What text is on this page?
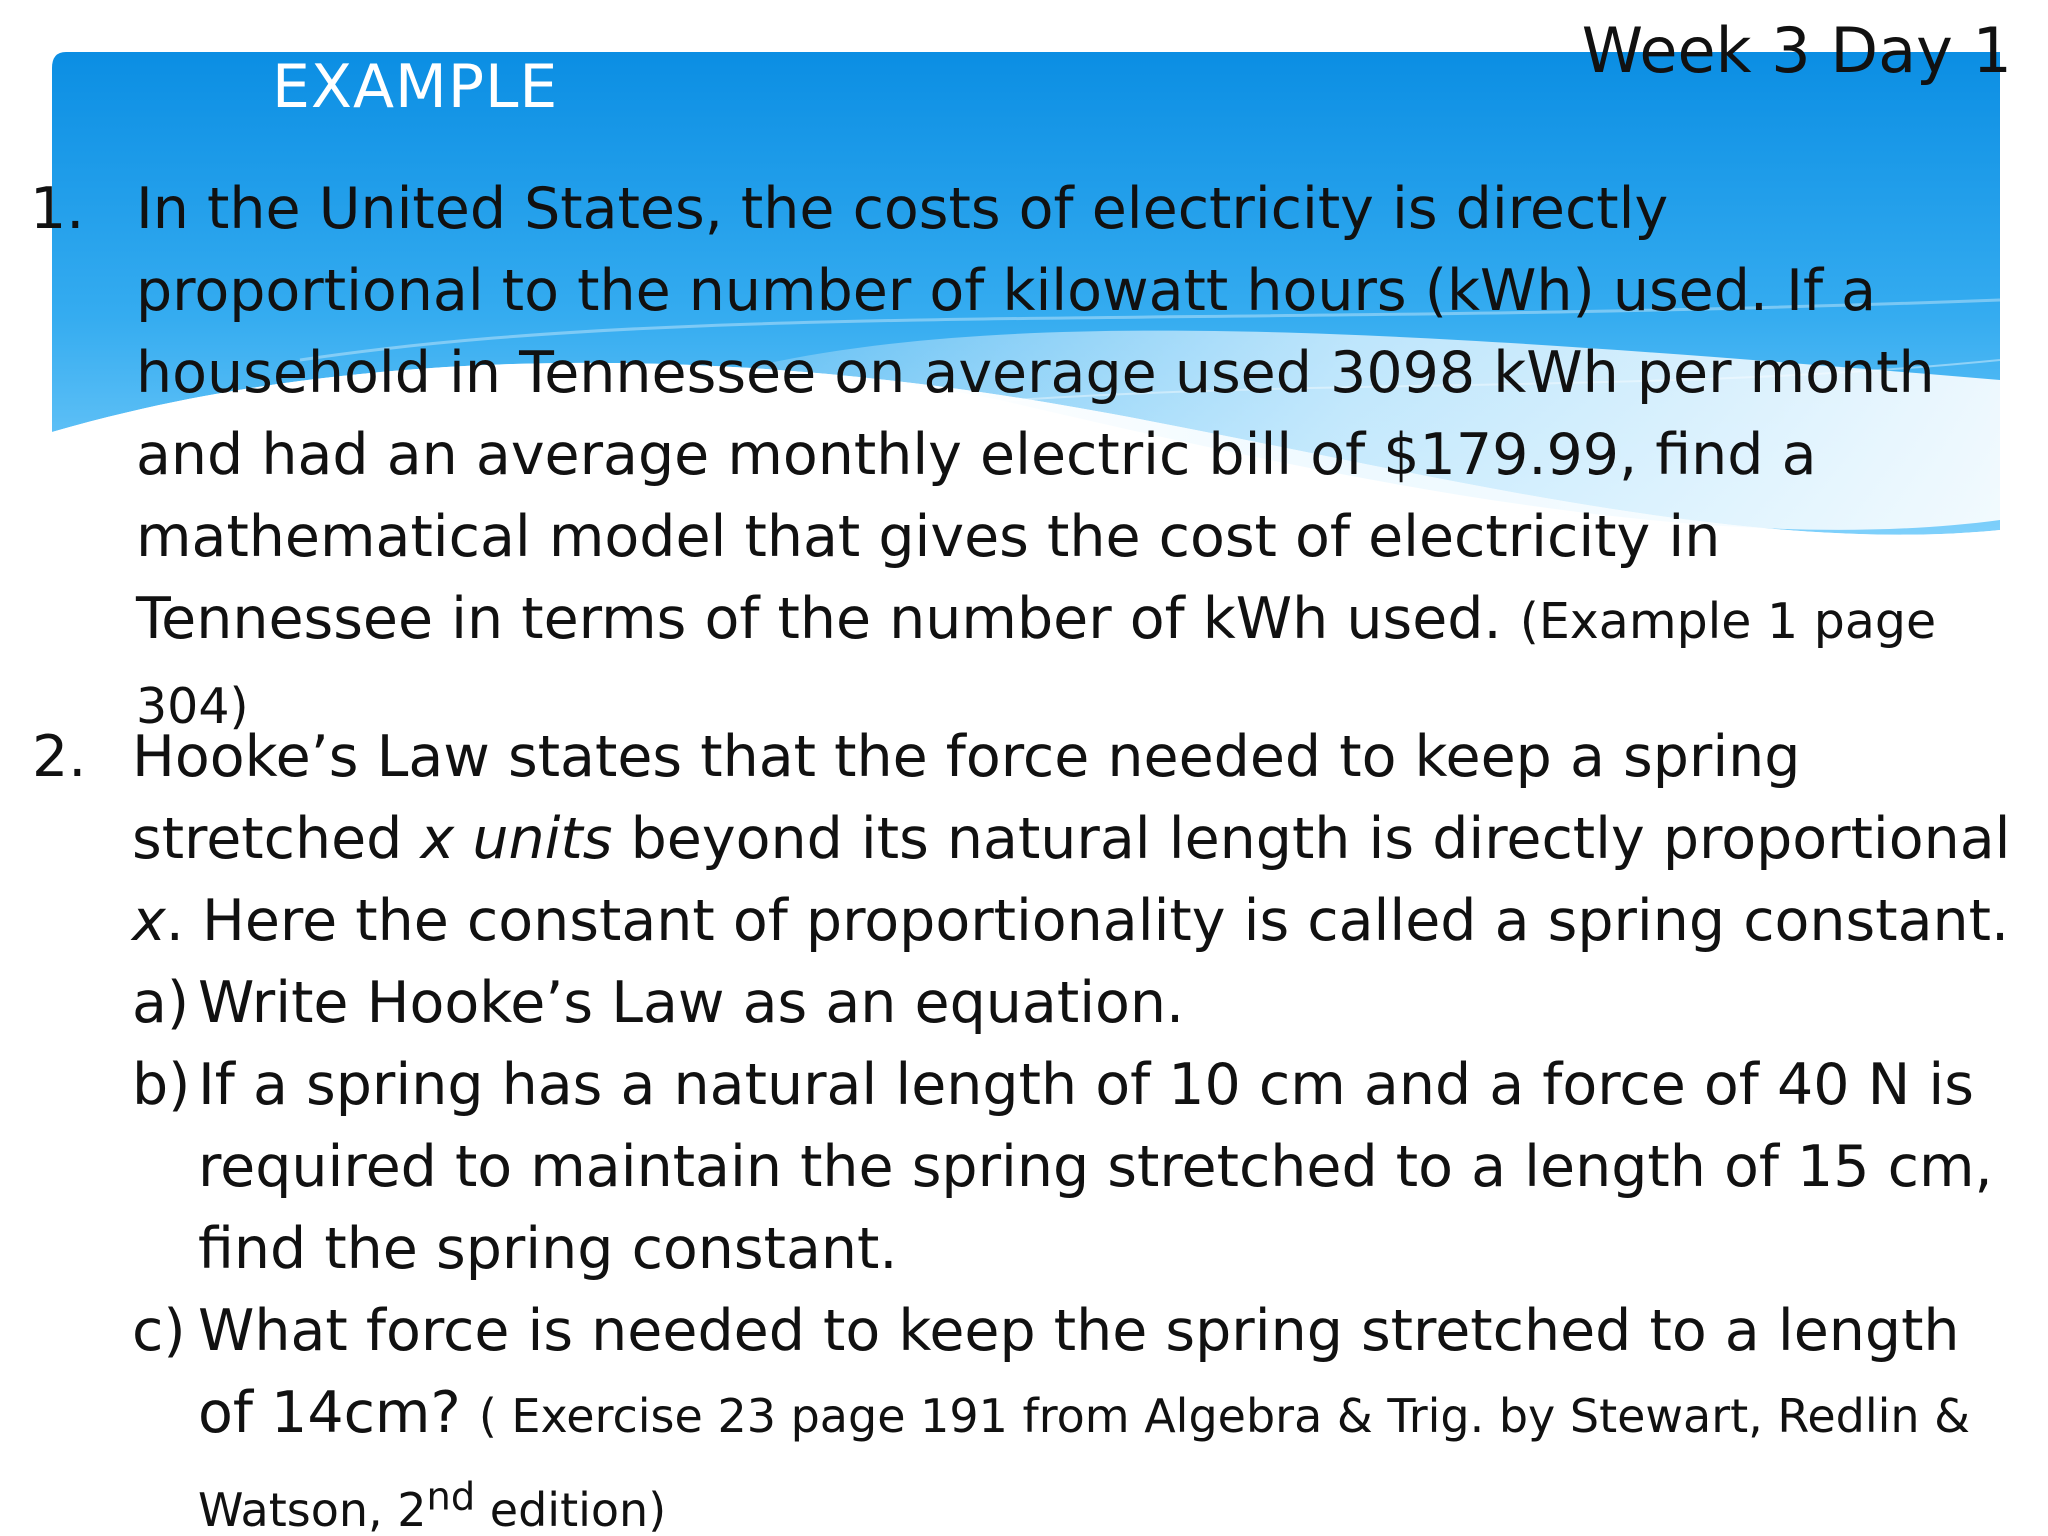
EXAMPLE	Week 3 Day 1
1. In the United States, the costs of electricity is directly proportional to the number of kilowatt hours (kWh) used. If a household in Tennessee on average used 3098 kWh per month and had an average monthly electric bill of $179.99, find a mathematical model that gives the cost of electricity in Tennessee in terms of the number of kWh used. (Example 1 page 304)
2. Hooke’s Law states that the force needed to keep a spring stretched x units beyond its natural length is directly proportional x. Here the constant of proportionality is called a spring constant.
a) Write Hooke’s Law as an equation.
b) If a spring has a natural length of 10 cm and a force of 40 N is required to maintain the spring stretched to a length of 15 cm, find the spring constant.
c) What force is needed to keep the spring stretched to a length of 14cm? ( Exercise 23 page 191 from Algebra & Trig. by Stewart, Redlin & Watson, 2nd edition)
